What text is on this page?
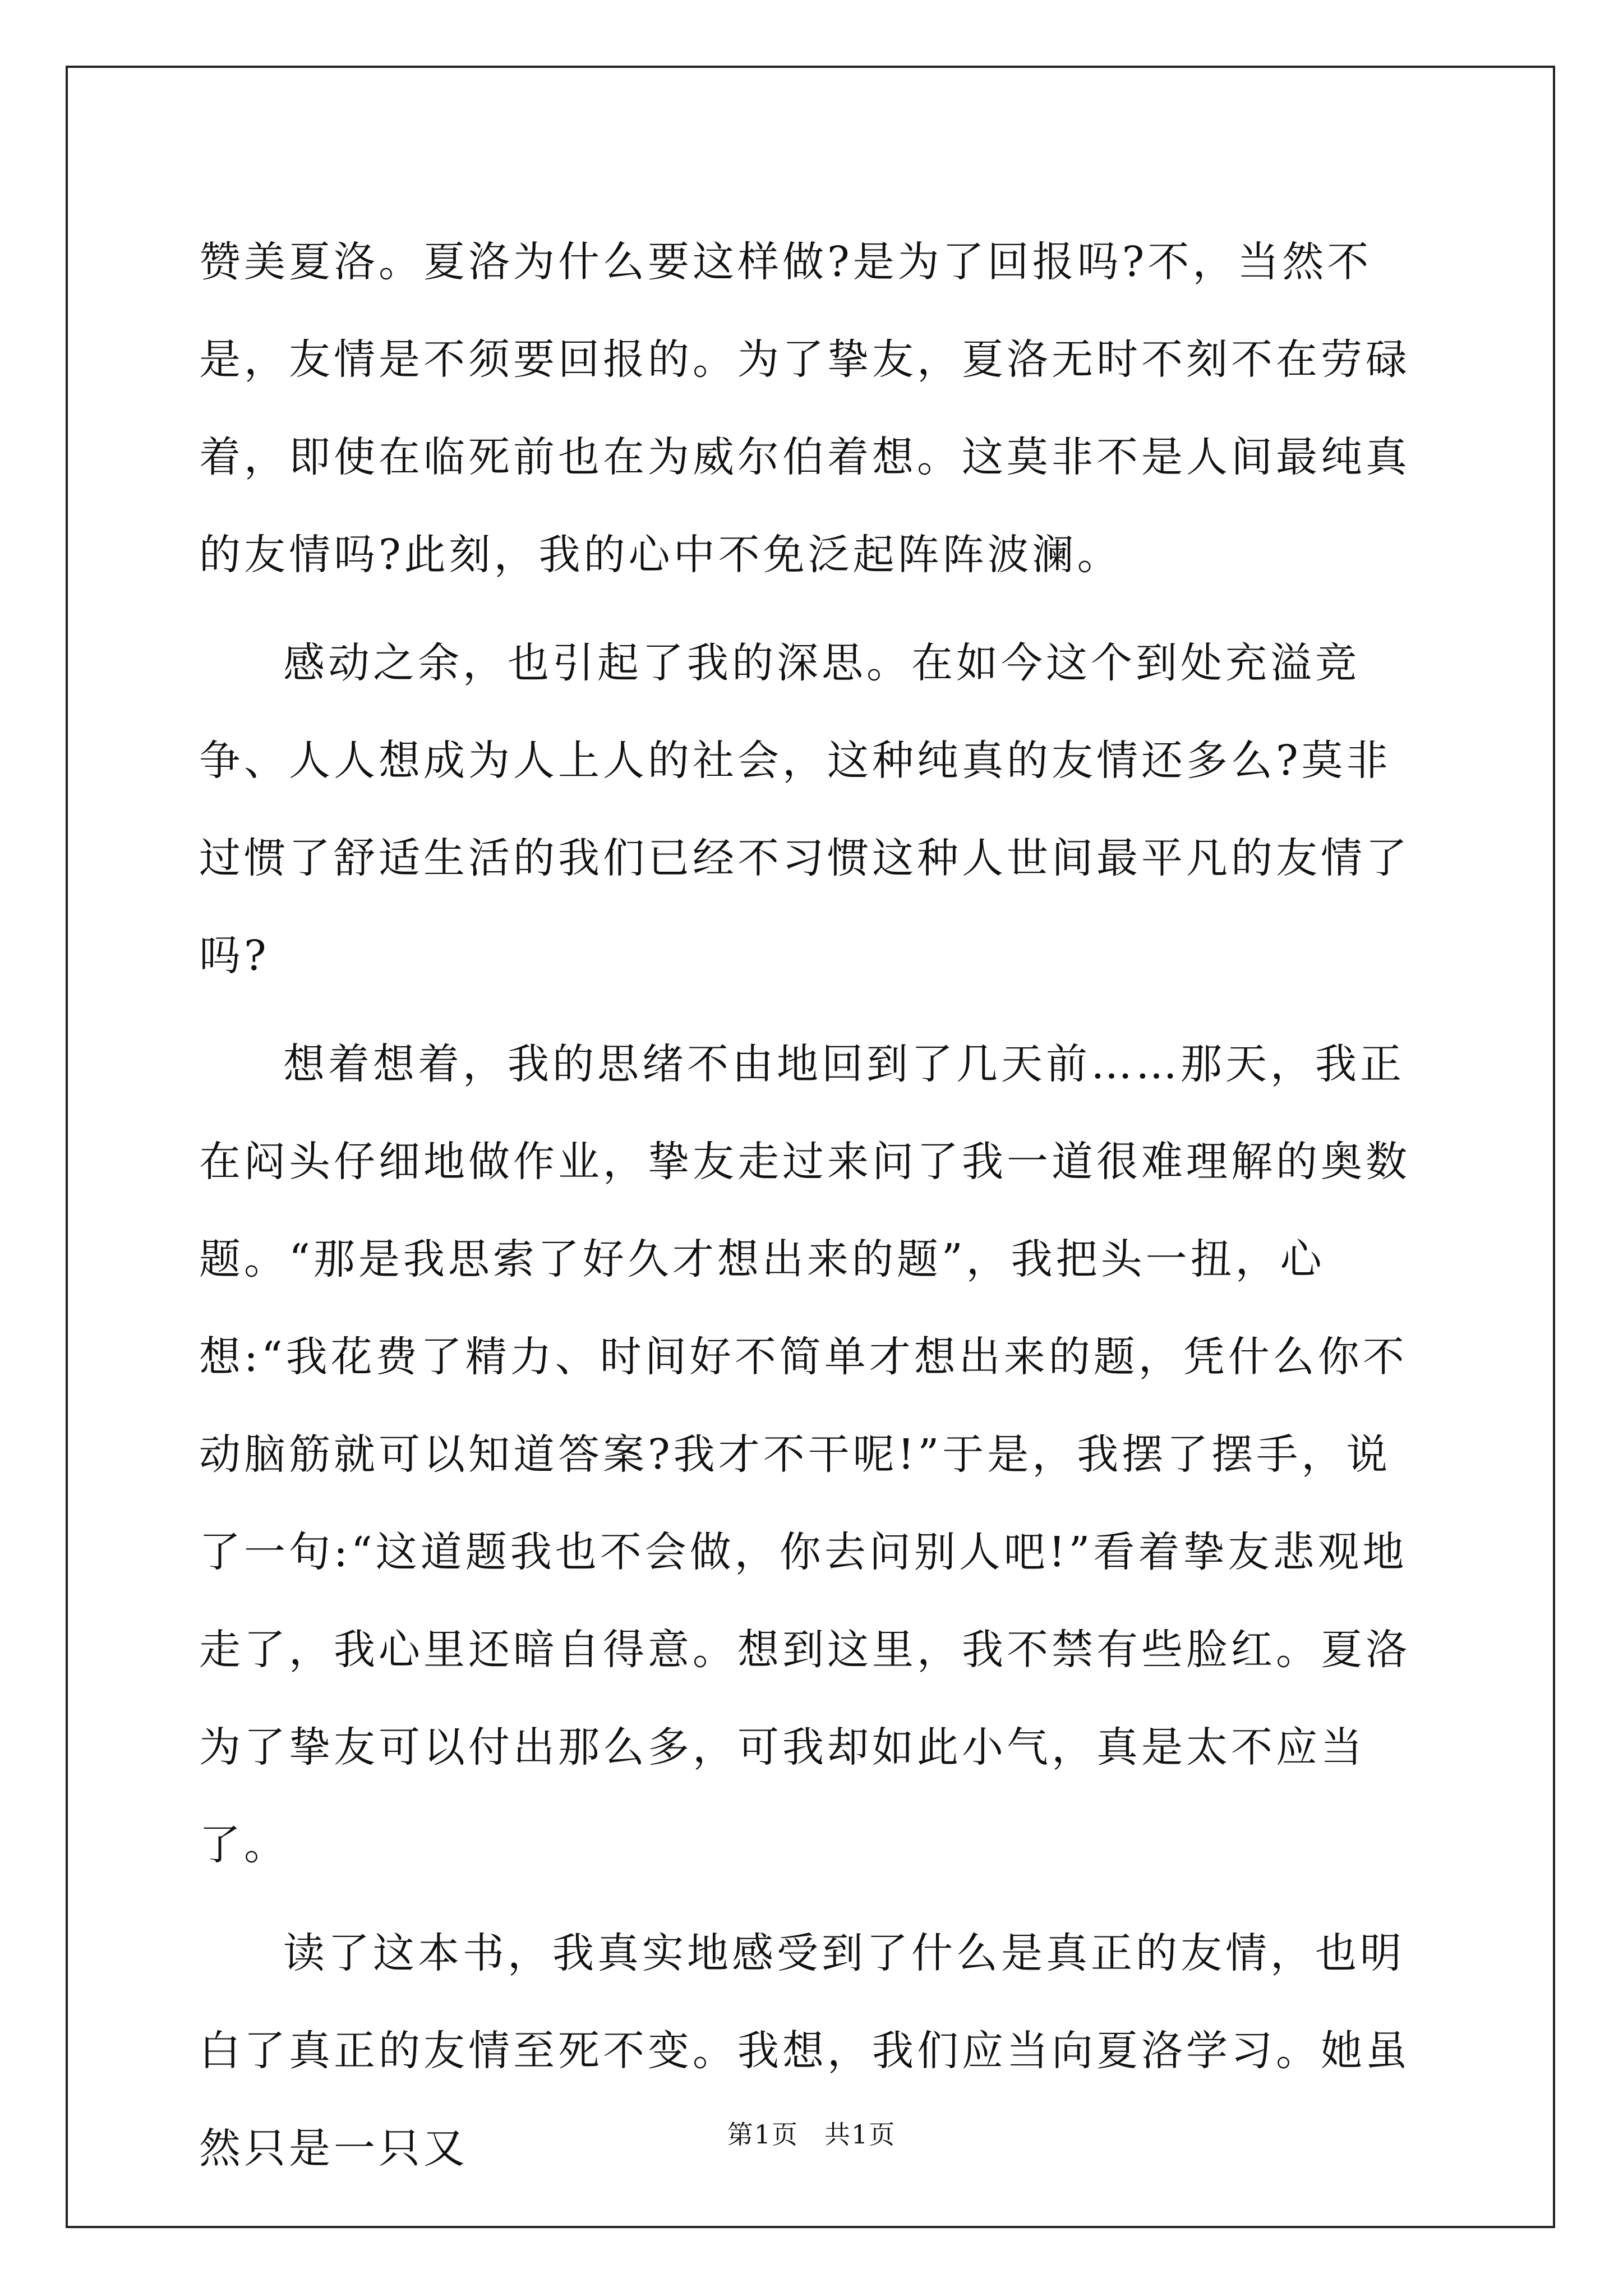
赞美夏洛。夏洛为什么要这样做?是为了回报吗?不，当然不是，友情是不须要回报的。为了挚友，夏洛无时不刻不在劳碌着，即使在临死前也在为威尔伯着想。这莫非不是人间最纯真的友情吗?此刻，我的心中不免泛起阵阵波澜。

感动之余，也引起了我的深思。在如今这个到处充溢竞争、人人想成为人上人的社会，这种纯真的友情还多么?莫非过惯了舒适生活的我们已经不习惯这种人世间最平凡的友情了吗?

想着想着，我的思绪不由地回到了几天前……那天，我正在闷头仔细地做作业，挚友走过来问了我一道很难理解的奥数题。“那是我思索了好久才想出来的题”，我把头一扭，心想:“我花费了精力、时间好不简单才想出来的题，凭什么你不动脑筋就可以知道答案?我才不干呢!”于是，我摆了摆手，说了一句:“这道题我也不会做，你去问别人吧!”看着挚友悲观地走了，我心里还暗自得意。想到这里，我不禁有些脸红。夏洛为了挚友可以付出那么多，可我却如此小气，真是太不应当了。

读了这本书，我真实地感受到了什么是真正的友情，也明白了真正的友情至死不变。我想，我们应当向夏洛学习。她虽然只是一只又	第1页 共1页
